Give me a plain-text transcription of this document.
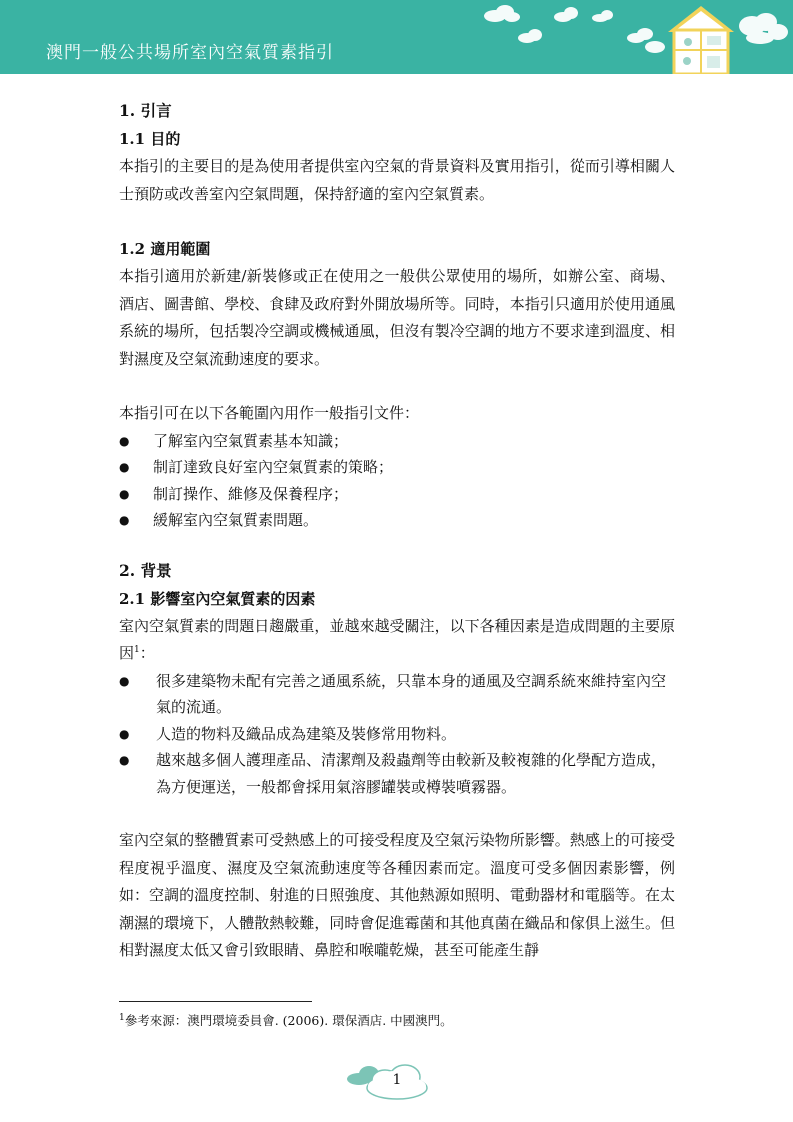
澳門一般公共場所室內空氣質素指引
1. 引言
1.1 目的
本指引的主要目的是為使用者提供室內空氣的背景資料及實用指引，從而引導相關人士預防或改善室內空氣問題，保持舒適的室內空氣質素。
1.2 適用範圍
本指引適用於新建/新裝修或正在使用之一般供公眾使用的場所，如辦公室、商場、酒店、圖書館、學校、食肆及政府對外開放場所等。同時，本指引只適用於使用通風系統的場所，包括製冷空調或機械通風，但沒有製冷空調的地方不要求達到溫度、相對濕度及空氣流動速度的要求。
本指引可在以下各範圍內用作一般指引文件：
● 了解室內空氣質素基本知識；
● 制訂達致良好室內空氣質素的策略；
● 制訂操作、維修及保養程序；
● 緩解室內空氣質素問題。
2. 背景
2.1 影響室內空氣質素的因素
室內空氣質素的問題日趨嚴重，並越來越受關注，以下各種因素是造成問題的主要原因$^1$：
● 很多建築物未配有完善之通風系統，只靠本身的通風及空調系統來維持室內空氣的流通。
● 人造的物料及織品成為建築及裝修常用物料。
● 越來越多個人護理產品、清潔劑及殺蟲劑等由較新及較複雜的化學配方造成，為方便運送，一般都會採用氣溶膠罐裝或樽裝噴霧器。
室內空氣的整體質素可受熱感上的可接受程度及空氣污染物所影響。熱感上的可接受程度視乎溫度、濕度及空氣流動速度等各種因素而定。溫度可受多個因素影響，例如：空調的溫度控制、射進的日照強度、其他熱源如照明、電動器材和電腦等。在太潮濕的環境下，人體散熱較難，同時會促進霉菌和其他真菌在織品和傢俱上滋生。但相對濕度太低又會引致眼睛、鼻腔和喉嚨乾燥，甚至可能產生靜
$^1$參考來源：澳門環境委員會. (2006). 環保酒店. 中國澳門。
1
